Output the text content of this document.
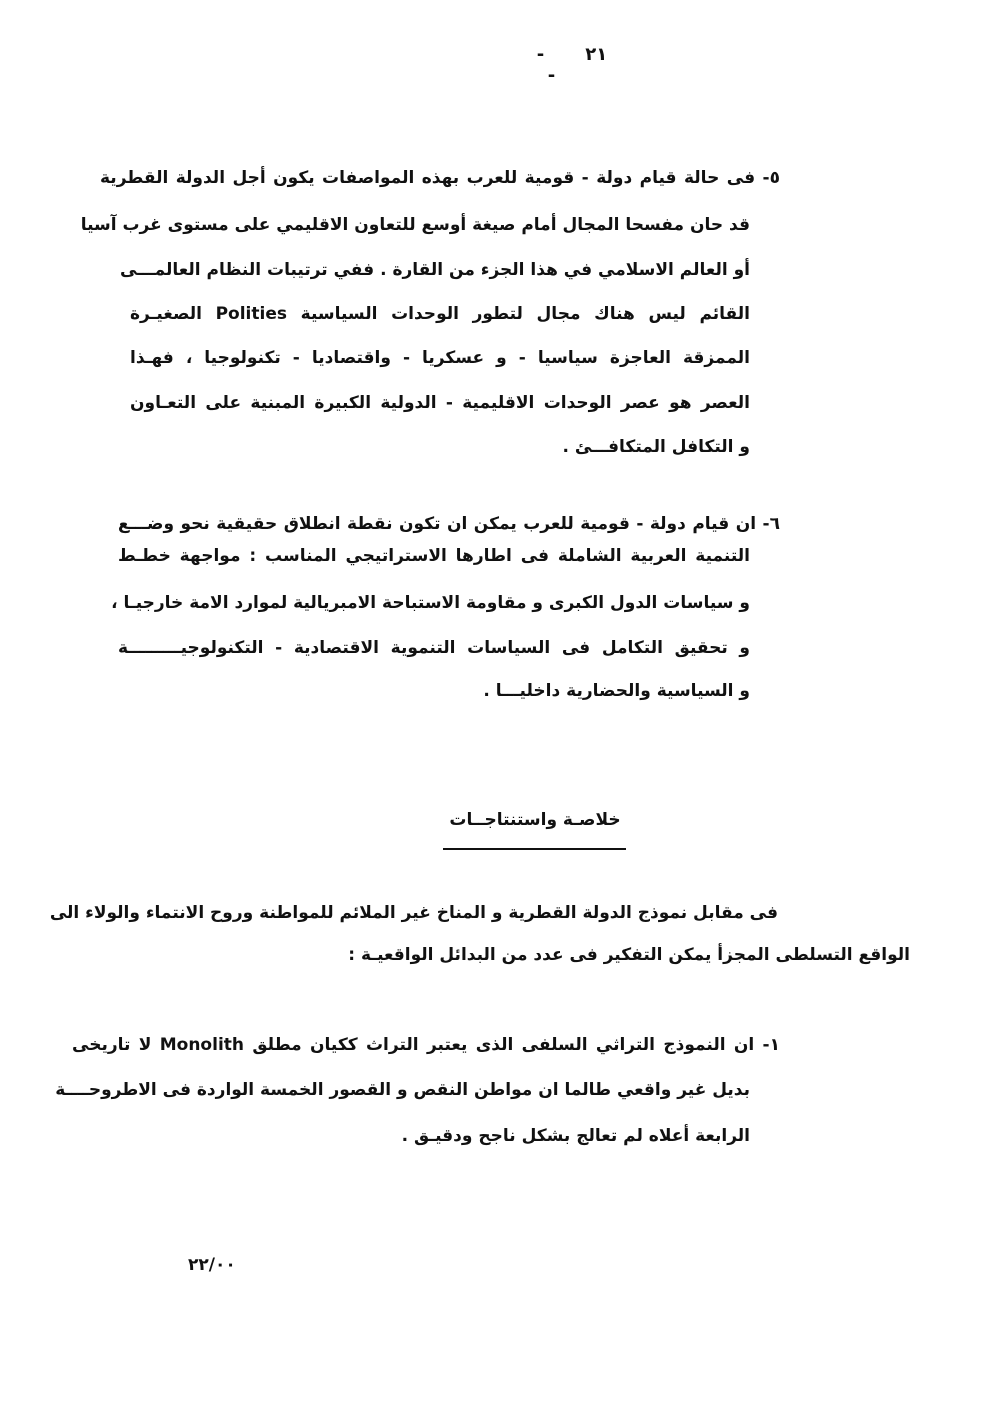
- ٢١-
٥- فى حالة قيام دولة - قومية للعرب بهذه المواصفات يكون أجل الدولة القطرية
قد حان مفسحا المجال أمام صيغة أوسع للتعاون الاقليمي على مستوى غرب آسيا
أو العالم الاسلامي في هذا الجزء من القارة . ففي ترتيبات النظام العالمـــى
القائم ليس هناك مجال لتطور الوحدات السياسية Polities الصغيـرة
الممزقة العاجزة سياسيا - و عسكريا - واقتصاديا - تكنولوجيا ، فهـذا
العصر هو عصر الوحدات الاقليمية - الدولية الكبيرة المبنية على التعـاون
و التكافل المتكافـــئ .
٦- ان قيام دولة - قومية للعرب يمكن ان تكون نقطة انطلاق حقيقية نحو وضـــع
التنمية العربية الشاملة فى اطارها الاستراتيجي المناسب : مواجهة خطـط
و سياسات الدول الكبرى و مقاومة الاستباحة الامبريالية لموارد الامة خارجيـا ،
و تحقيق التكامل فى السياسات التنموية الاقتصادية - التكنولوجيـــــــــة
و السياسية والحضارية داخليـــا .
خلاصـة واستنتاجــات
فى مقابل نموذج الدولة القطرية و المناخ غير الملائم للمواطنة وروح الانتماء والولاء الى
الواقع التسلطى المجزأ يمكن التفكير فى عدد من البدائل الواقعيـة :
١- ان النموذج التراثي السلفى الذى يعتبر التراث ككيان مطلق Monolith لا تاريخى
بديل غير واقعي طالما ان مواطن النقص و القصور الخمسة الواردة فى الاطروحــــة
الرابعة أعلاه لم تعالج بشكل ناجح ودقيـق .
٢٢/٠٠
